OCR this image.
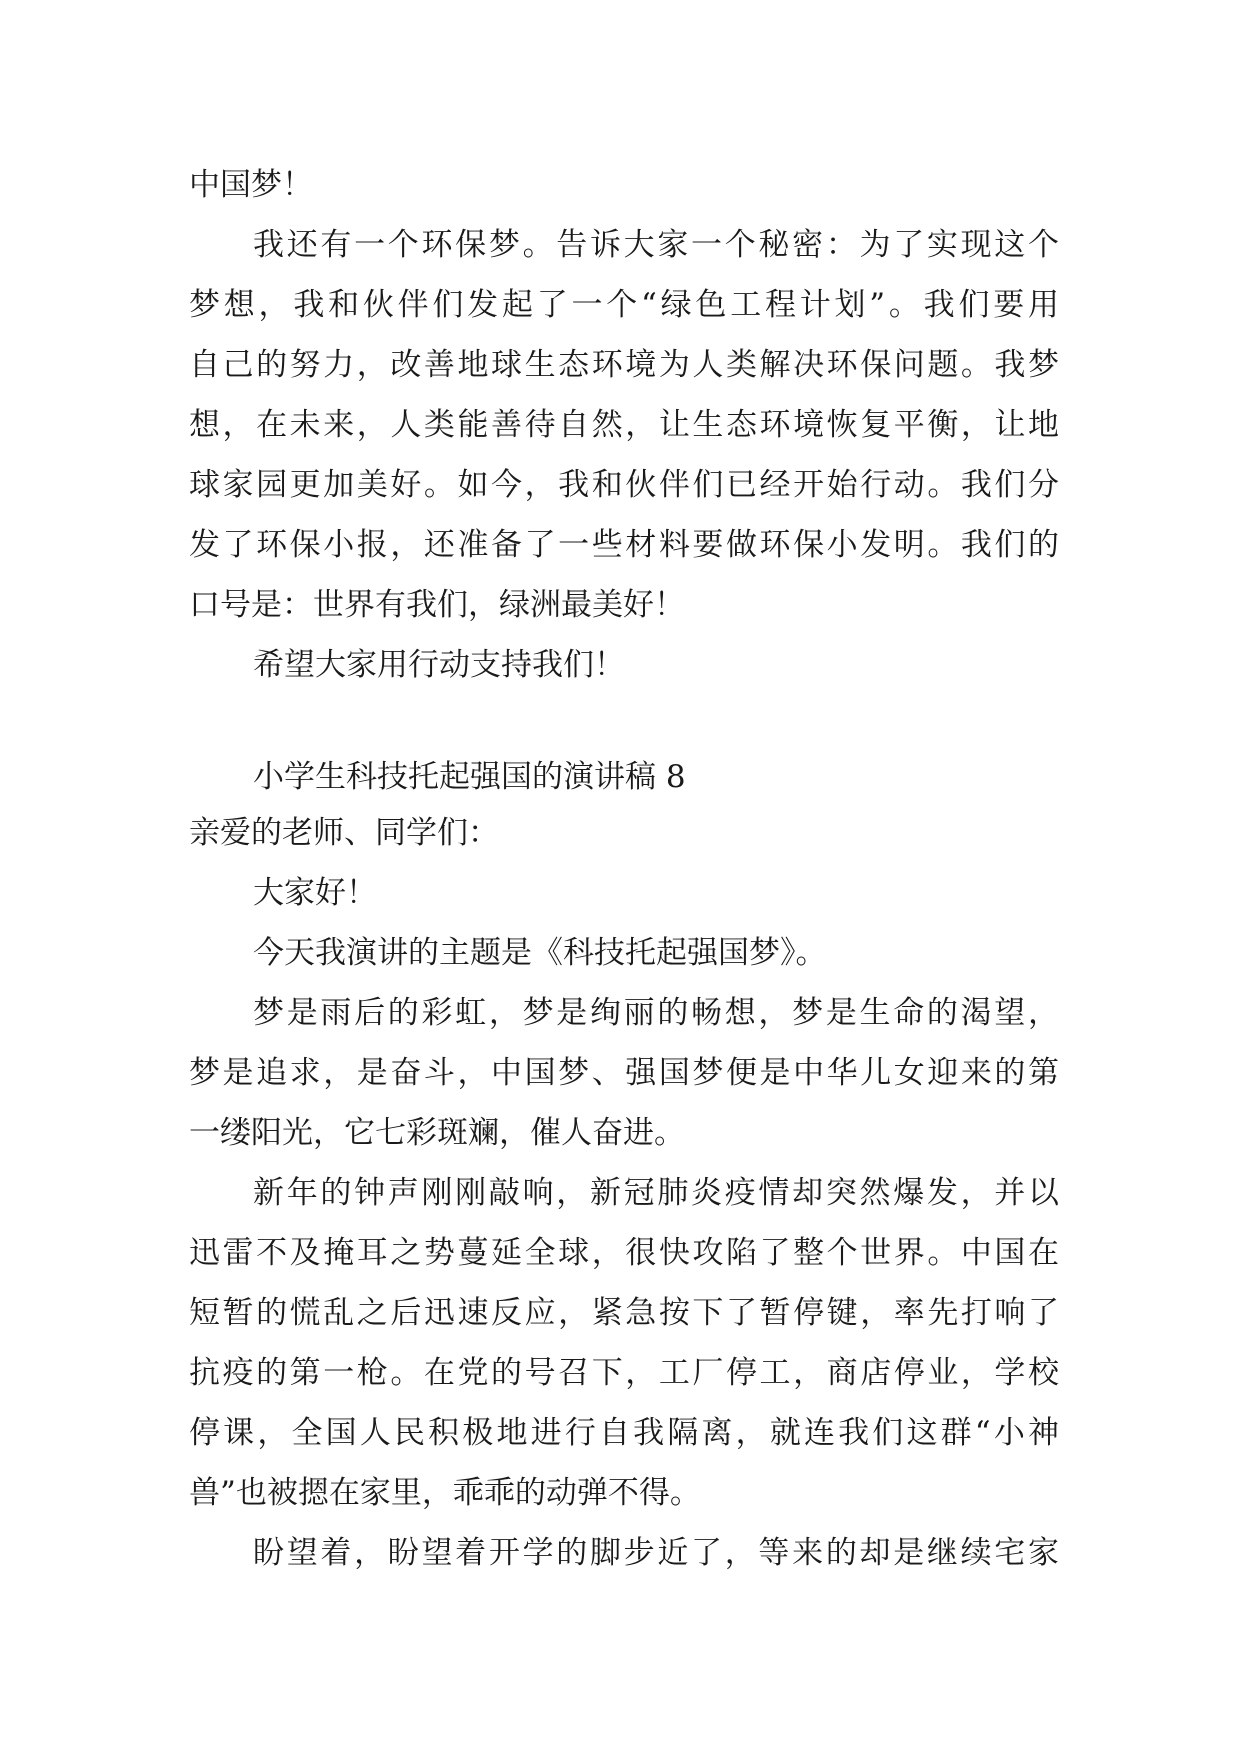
中国梦！
我还有一个环保梦。告诉大家一个秘密：为了实现这个
梦想，我和伙伴们发起了一个“绿色工程计划”。我们要用
自己的努力，改善地球生态环境为人类解决环保问题。我梦
想，在未来，人类能善待自然，让生态环境恢复平衡，让地
球家园更加美好。如今，我和伙伴们已经开始行动。我们分
发了环保小报，还准备了一些材料要做环保小发明。我们的
口号是：世界有我们，绿洲最美好！
希望大家用行动支持我们！
小学生科技托起强国的演讲稿 8
亲爱的老师、同学们：
大家好！
今天我演讲的主题是《科技托起强国梦》。
梦是雨后的彩虹，梦是绚丽的畅想，梦是生命的渴望，
梦是追求，是奋斗，中国梦、强国梦便是中华儿女迎来的第
一缕阳光，它七彩斑斓，催人奋进。
新年的钟声刚刚敲响，新冠肺炎疫情却突然爆发，并以
迅雷不及掩耳之势蔓延全球，很快攻陷了整个世界。中国在
短暂的慌乱之后迅速反应，紧急按下了暂停键，率先打响了
抗疫的第一枪。在党的号召下，工厂停工，商店停业，学校
停课，全国人民积极地进行自我隔离，就连我们这群“小神
兽”也被摁在家里，乖乖的动弹不得。
盼望着，盼望着开学的脚步近了，等来的却是继续宅家
